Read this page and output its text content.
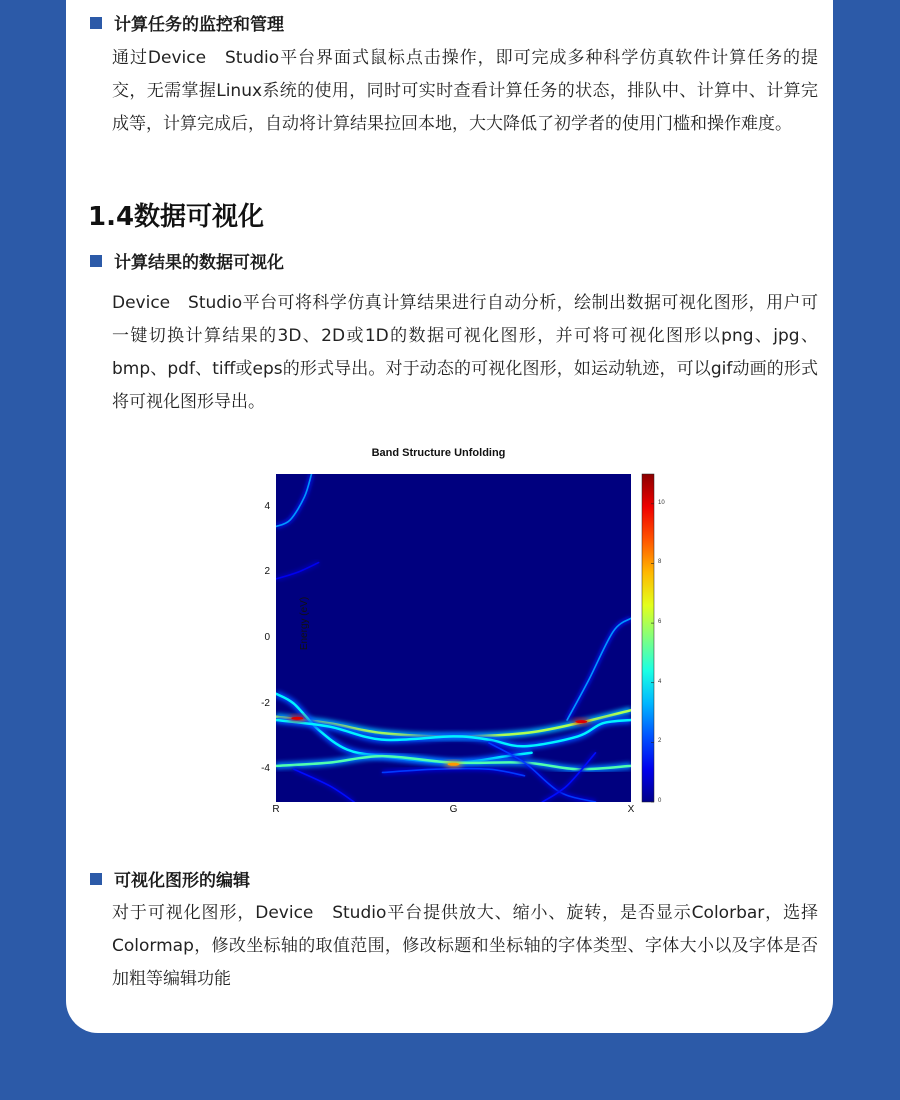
计算任务的监控和管理
通过Device　Studio平台界面式鼠标点击操作，即可完成多种科学仿真软件计算任务的提交，无需掌握Linux系统的使用，同时可实时查看计算任务的状态，排队中、计算中、计算完成等，计算完成后，自动将计算结果拉回本地，大大降低了初学者的使用门槛和操作难度。
1.4数据可视化
计算结果的数据可视化
Device　Studio平台可将科学仿真计算结果进行自动分析，绘制出数据可视化图形，用户可一键切换计算结果的3D、2D或1D的数据可视化图形，并可将可视化图形以png、jpg、bmp、pdf、tiff或eps的形式导出。对于动态的可视化图形，如运动轨迹，可以gif动画的形式将可视化图形导出。
Band Structure Unfolding
Energy (eV)
0
2
4
6
8
10
4
2
0
-2
-4
R	G	X
可视化图形的编辑
对于可视化图形，Device　Studio平台提供放大、缩小、旋转，是否显示Colorbar，选择Colormap，修改坐标轴的取值范围，修改标题和坐标轴的字体类型、字体大小以及字体是否加粗等编辑功能
